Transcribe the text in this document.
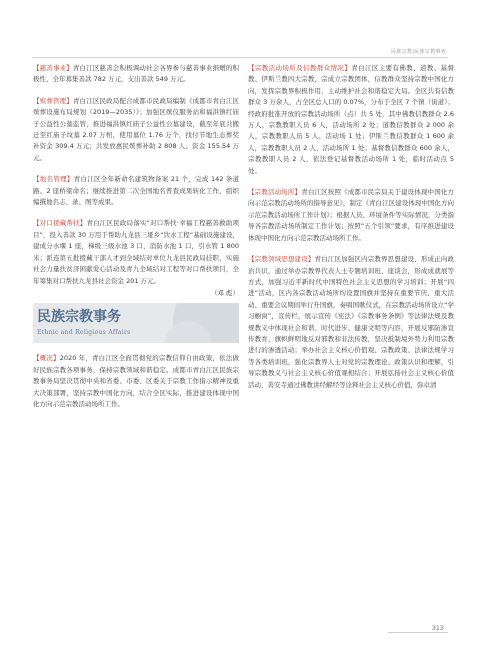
民族宗教|民族宗教事务

【慈善事业】青白江区慈善会积极调动社会各界参与慈善事业捐赠的积极性，全年募集善款 782 万元，支出善款 549 万元。

【殡葬管理】青白江区民政局配合成都市民政局编制《成都市青白江区殡葬设施布局规划（2019—2035）》；加强区殡仪服务站和福洪镇红庙子公益性公墓监管，推进福洪镇红庙子公益性公墓建设，截至年底共搬迁至红庙子坟墓 2.07 万棺，使用墓位 1.76 万个，找付节地生态葬奖补资金 309.4 万元；共发放惠民殡葬补助 2 808 人、资金 155.54 万元。

【地名管理】青白江区全年新命名建筑物备案 21 个，完成 142 条道路、2 座桥梁命名；继续推进第二次全国地名普查成果转化工作，组织编撰地名志、录、图等成果。

【对口援藏帮扶】青白江区民政局落实“对口帮扶·幸福工程慈善救助项目”，投入善款 30 万用于帮助九龙县三垭乡“饮水工程”基础设施建设，建成分水堰 1 座，梯级三级水池 3 口，消防水池 1 口，引水管 1 800 米；派连第五批援藏干部人才到全域结对单位九龙县民政局挂职，实施社会力量扶贫济困献爱心活动及青九全域结对工程等对口帮扶项目，全年筹集对口帮扶九龙县社会资金 201 万元。

（邓 彪）
民族宗教事务
Ethnic and Religious Affairs

【概况】2020 年，青白江区全面贯彻党的宗教信仰自由政策，依法做好民族宗教各项事务，保持宗教领域和谐稳定。成都市青白江区民族宗教事务局坚决贯彻中央和省委、市委、区委关于宗教工作指示精神及重大决策部署，坚持宗教中国化方向，结合全区实际，推进建设体现中国化方向示范宗教活动场所工作。

【宗教活动场所及信教群众情况】青白江区主要有佛教、道教、基督教、伊斯兰教四大宗教，宗成立宗教团体，信教群众坚持宗教中国化方向，发挥宗教界积极作用，主动维护社会和谐稳定大局。全区共有信教群众 3 万余人，占全区总人口的 0.07%，分布于全区 7 个镇（街道）；经政府批准开放的宗教活动场所（点）共 5 处，其中佛教信教群众 2.6 万人，宗教教职人员 6 人，活动场所 2 处；道教信教群众 2 000 余人，宗教教职人员 5 人，活动场 1 处；伊斯兰教信教群众 1 600 余人，宗教教职人员 2 人，活动场所 1 处；基督教信教群众 600 余人，宗教教职人员 2 人，依法登记基督教活动场所 1 处，临时活动点 5 处。

【宗教活动场所】青白江区按照《成都市民宗局关于建设体现中国化方向示范宗教活动场所的指导意见》，制定《青白江区建设体现中国化方向示范宗教活动场所工作计划》；根据人员、环境条件等实际情况，分类指导各宗教活动场所制定工作计划；按照“五个引领”要求，有序推进建设体现中国化方向示范宗教活动场所工作。

【宗教领域思想建设】青白江区加强区内宗教界思想建设，形成正向政治共识，通过举办宗教界代表人士专题培训班、座谈会，形成成就展等方式，加强习近平新时代中国特色社会主义思想的学习培训；开展“四进”活动，区内各宗教活动场所均设置国旗并坚持在重要节庆、重大活动、重要会议期间举行升国旗，奏唱国歌仪式，在宗教活动场所设立“学习橱窗”，宣传栏，展示宣传《宪法》《宗教事务条例》等法律法规及教规教义中体现社会和谐、时代进步、健康文明等内容，开展反邪防渗宣传教育，旗帜鲜明地反对邪教和非法传教，坚决抵制境外势力利用宗教进行的渗透活动；举办社会主义核心价值观、宗教政策、法律法规学习等各类培训班，强化宗教界人士对党的宗教理论、政策认识和理解，引导宗教教义与社会主义核心价值观相结合；开展弘扬社会主义核心价值活动，善安寺通过佛教讲经解经等诠释社会主义核心价值，弥卓清

313
